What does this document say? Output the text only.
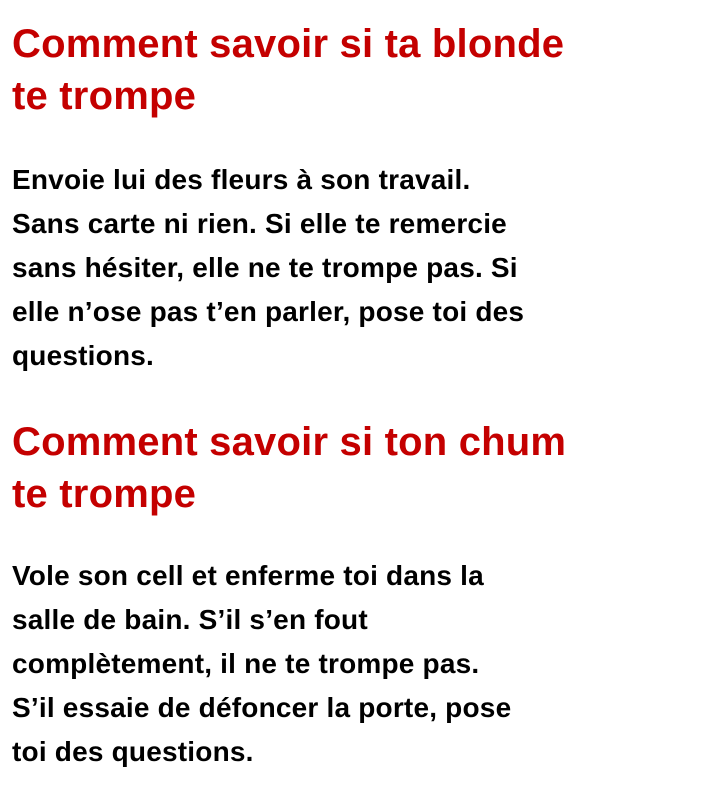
Comment savoir si ta blonde
te trompe

Envoie lui des fleurs à son travail.
Sans carte ni rien. Si elle te remercie
sans hésiter, elle ne te trompe pas. Si
elle n’ose pas t’en parler, pose toi des
questions.

Comment savoir si ton chum
te trompe

Vole son cell et enferme toi dans la
salle de bain. S’il s’en fout
complètement, il ne te trompe pas.
S’il essaie de défoncer la porte, pose
toi des questions.
